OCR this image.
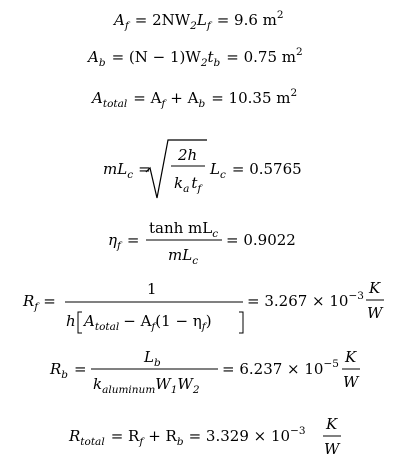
$A_f = 2NW_2L_f = 9.6$ $m^2$
$A_b = (N - 1)W_2t_b = 0.75$ $m^2$
$A_{total} = A_f + A_b = 10.35$ $m^2$
$mL_c$ =
2h
$k_a$ $t_f$
$L_c = 0.5765$
$\eta_f$ =
$\tanh mL_c$
$mL_c$
= 0.9022
$R_f$ =
1
h $A_{total} - A_f(1 - \eta_f)$
= $3.267 \times 10^{-3}$ K
W
$R_b$ =
$L_b$
$k_{aluminum}W_1W_2$
= $6.237 \times 10^{-5}$ K
W
$R_{total} = R_f + R_b = 3.329 \times 10^{-3}$ K
W
